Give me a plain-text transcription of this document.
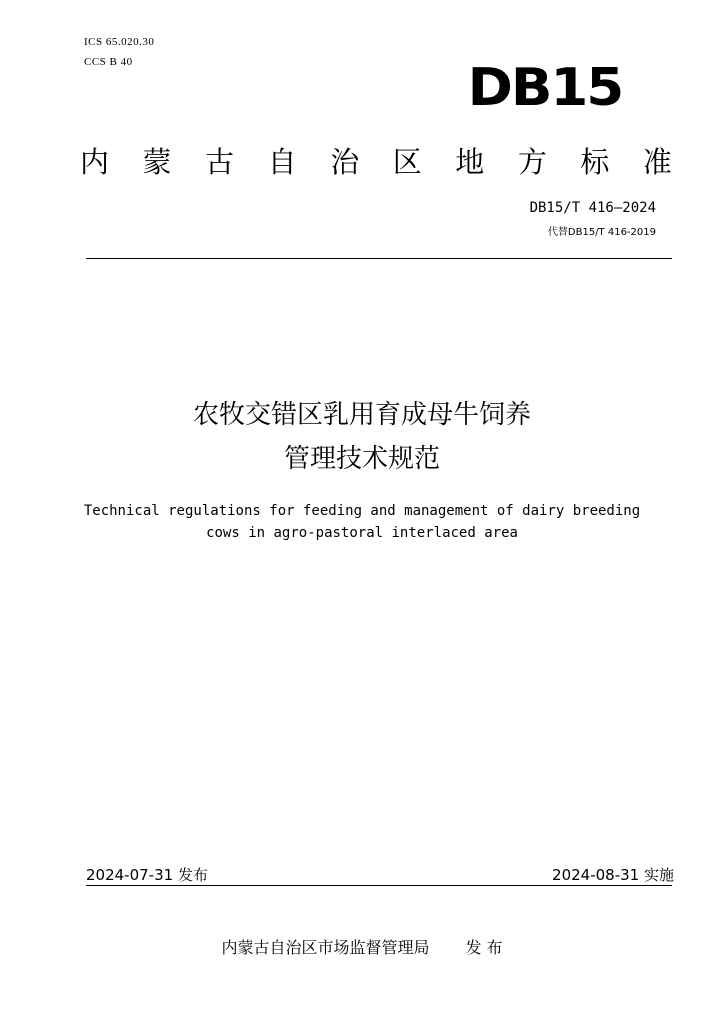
ICS 65.020.30
CCS B 40	DB15
内 蒙 古 自 治 区 地 方 标 准
DB15/T 416—2024
代替DB15/T 416-2019
农牧交错区乳用育成母牛饲养
管理技术规范
Technical regulations for feeding and management of dairy breeding
cows in agro-pastoral interlaced area
2024-07-31 发布	2024-08-31 实施
内蒙古自治区市场监督管理局 发 布
